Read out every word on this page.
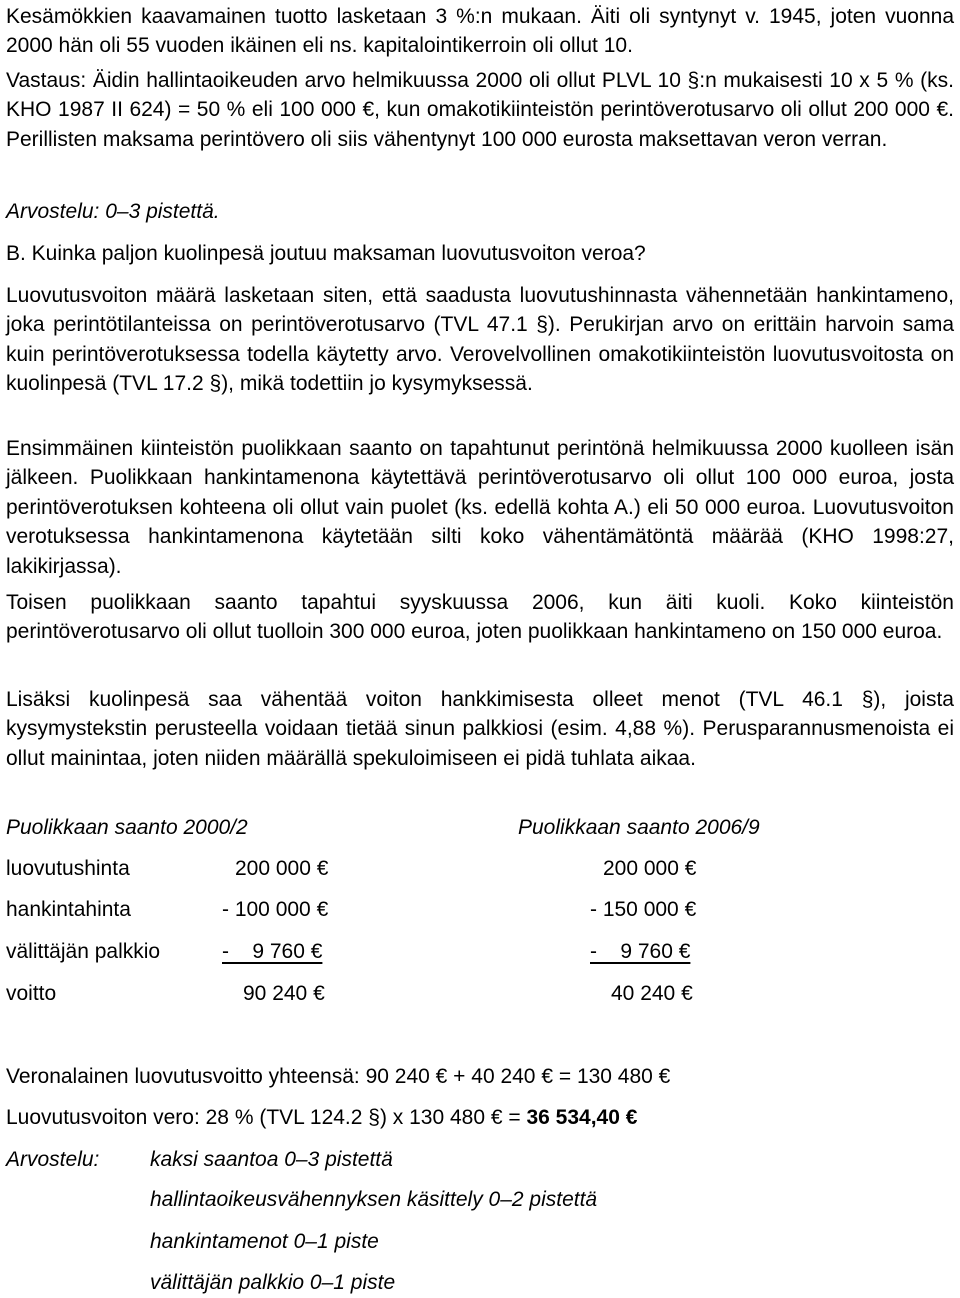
Kesämökkien kaavamainen tuotto lasketaan 3 %:n mukaan. Äiti oli syntynyt v. 1945, joten vuonna 2000 hän oli 55 vuoden ikäinen eli ns. kapitalointikerroin oli ollut 10.

Vastaus: Äidin hallintaoikeuden arvo helmikuussa 2000 oli ollut PLVL 10 §:n mukaisesti 10 x 5 % (ks. KHO 1987 II 624) = 50 % eli 100 000 €, kun omakotikiinteistön perintöverotusarvo oli ollut 200 000 €. Perillisten maksama perintövero oli siis vähentynyt 100 000 eurosta maksettavan veron verran.

Arvostelu: 0–3 pistettä.

B. Kuinka paljon kuolinpesä joutuu maksaman luovutusvoiton veroa?

Luovutusvoiton määrä lasketaan siten, että saadusta luovutushinnasta vähennetään hankintameno, joka perintötilanteissa on perintöverotusarvo (TVL 47.1 §). Perukirjan arvo on erittäin harvoin sama kuin perintöverotuksessa todella käytetty arvo. Verovelvollinen omakotikiinteistön luovutusvoitosta on kuolinpesä (TVL 17.2 §), mikä todettiin jo kysymyksessä.

Ensimmäinen kiinteistön puolikkaan saanto on tapahtunut perintönä helmikuussa 2000 kuolleen isän jälkeen. Puolikkaan hankintamenona käytettävä perintöverotusarvo oli ollut 100 000 euroa, josta perintöverotuksen kohteena oli ollut vain puolet (ks. edellä kohta A.) eli 50 000 euroa. Luovutusvoiton verotuksessa hankintamenona käytetään silti koko vähentämätöntä määrää (KHO 1998:27, lakikirjassa).

Toisen puolikkaan saanto tapahtui syyskuussa 2006, kun äiti kuoli. Koko kiinteistön perintöverotusarvo oli ollut tuolloin 300 000 euroa, joten puolikkaan hankintameno on 150 000 euroa.

Lisäksi kuolinpesä saa vähentää voiton hankkimisesta olleet menot (TVL 46.1 §), joista kysymystekstin perusteella voidaan tietää sinun palkkiosi (esim. 4,88 %). Perusparannusmenoista ei ollut mainintaa, joten niiden määrällä spekuloimiseen ei pidä tuhlata aikaa.

Puolikkaan saanto 2000/2	Puolikkaan saanto 2006/9
luovutushinta	200 000 €	200 000 €
hankintahinta	- 100 000 €	- 150 000 €
välittäjän palkkio	-    9 760 €	-    9 760 €
voitto	90 240 €	40 240 €

Veronalainen luovutusvoitto yhteensä: 90 240 € + 40 240 € = 130 480 €

Luovutusvoiton vero: 28 % (TVL 124.2 §) x 130 480 € = 36 534,40 €

Arvostelu: kaksi saantoa 0–3 pistettä
hallintaoikeusvähennyksen käsittely 0–2 pistettä
hankintamenot 0–1 piste
välittäjän palkkio 0–1 piste
